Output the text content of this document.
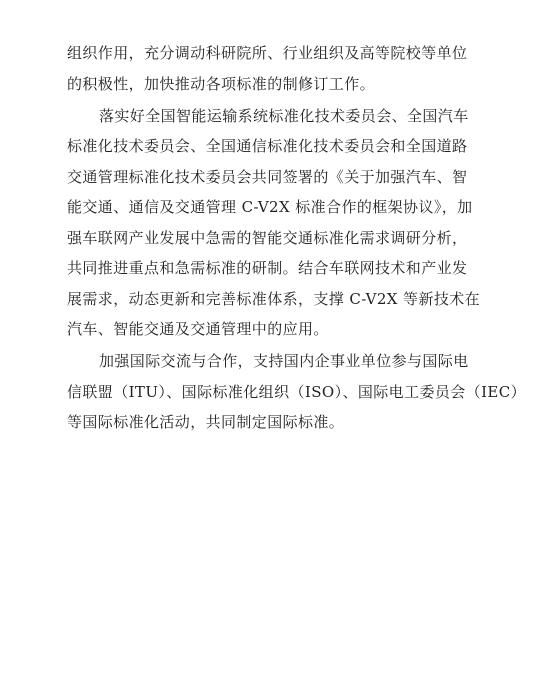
组织作用，充分调动科研院所、行业组织及高等院校等单位
的积极性，加快推动各项标准的制修订工作。
落实好全国智能运输系统标准化技术委员会、全国汽车
标准化技术委员会、全国通信标准化技术委员会和全国道路
交通管理标准化技术委员会共同签署的《关于加强汽车、智
能交通、通信及交通管理 C-V2X 标准合作的框架协议》，加
强车联网产业发展中急需的智能交通标准化需求调研分析，
共同推进重点和急需标准的研制。结合车联网技术和产业发
展需求，动态更新和完善标准体系，支撑 C-V2X 等新技术在
汽车、智能交通及交通管理中的应用。
加强国际交流与合作，支持国内企事业单位参与国际电
信联盟（ITU）、国际标准化组织（ISO）、国际电工委员会（IEC）
等国际标准化活动，共同制定国际标准。
